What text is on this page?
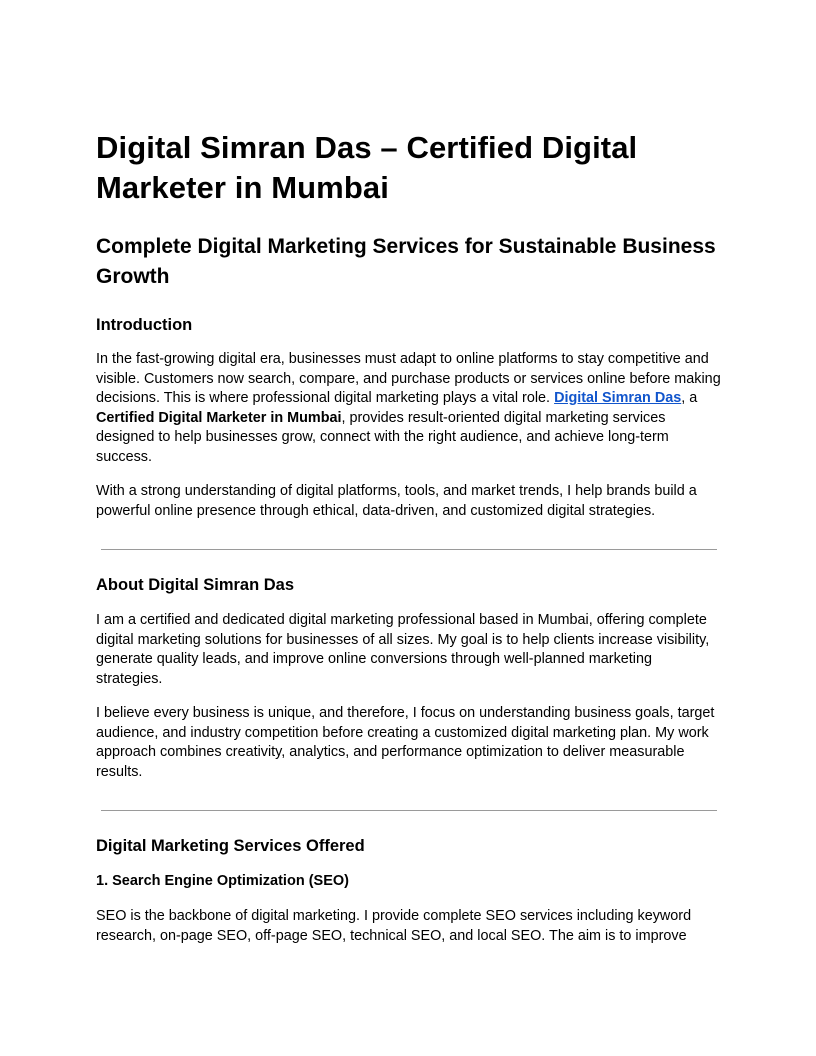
Digital Simran Das – Certified Digital Marketer in Mumbai
Complete Digital Marketing Services for Sustainable Business Growth
Introduction

In the fast-growing digital era, businesses must adapt to online platforms to stay competitive and visible. Customers now search, compare, and purchase products or services online before making decisions. This is where professional digital marketing plays a vital role. Digital Simran Das, a Certified Digital Marketer in Mumbai, provides result-oriented digital marketing services designed to help businesses grow, connect with the right audience, and achieve long-term success.

With a strong understanding of digital platforms, tools, and market trends, I help brands build a powerful online presence through ethical, data-driven, and customized digital strategies.

About Digital Simran Das

I am a certified and dedicated digital marketing professional based in Mumbai, offering complete digital marketing solutions for businesses of all sizes. My goal is to help clients increase visibility, generate quality leads, and improve online conversions through well-planned marketing strategies.

I believe every business is unique, and therefore, I focus on understanding business goals, target audience, and industry competition before creating a customized digital marketing plan. My work approach combines creativity, analytics, and performance optimization to deliver measurable results.

Digital Marketing Services Offered
1. Search Engine Optimization (SEO)

SEO is the backbone of digital marketing. I provide complete SEO services including keyword research, on-page SEO, off-page SEO, technical SEO, and local SEO. The aim is to improve
